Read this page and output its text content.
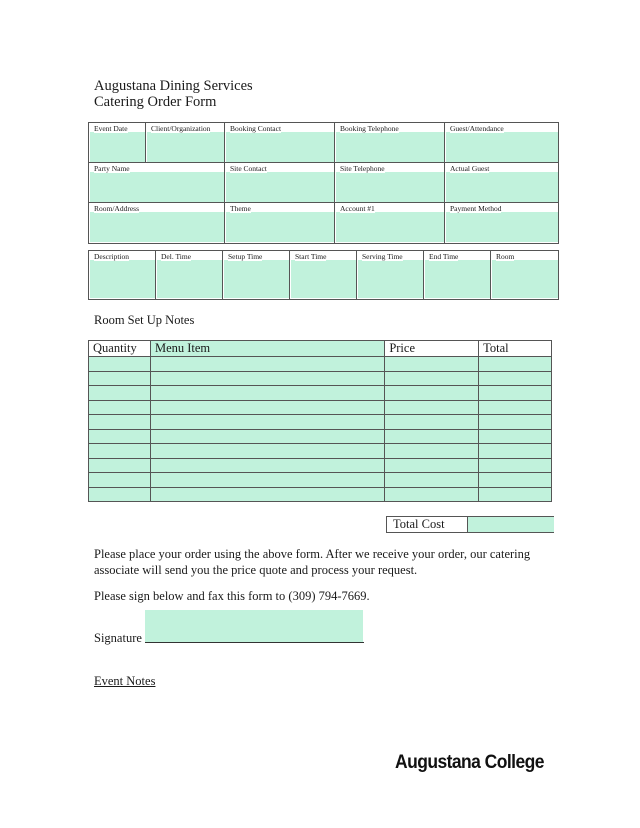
Augustana Dining Services
Catering Order Form
Event Date	Client/Organization	Booking Contact	Booking Telephone	Guest/Attendance
Party Name	Site Contact	Site Telephone	Actual Guest
Room/Address	Theme	Account #1	Payment Method
Description	Del. Time	Setup Time	Start Time	Serving Time	End Time	Room
Room Set Up Notes
Quantity	Menu Item	Price	Total

Total Cost
Please place your order using the above form. After we receive your order, our catering associate will send you the price quote and process your request.
Please sign below and fax this form to (309) 794-7669.
Signature
Event Notes
Augustana College
